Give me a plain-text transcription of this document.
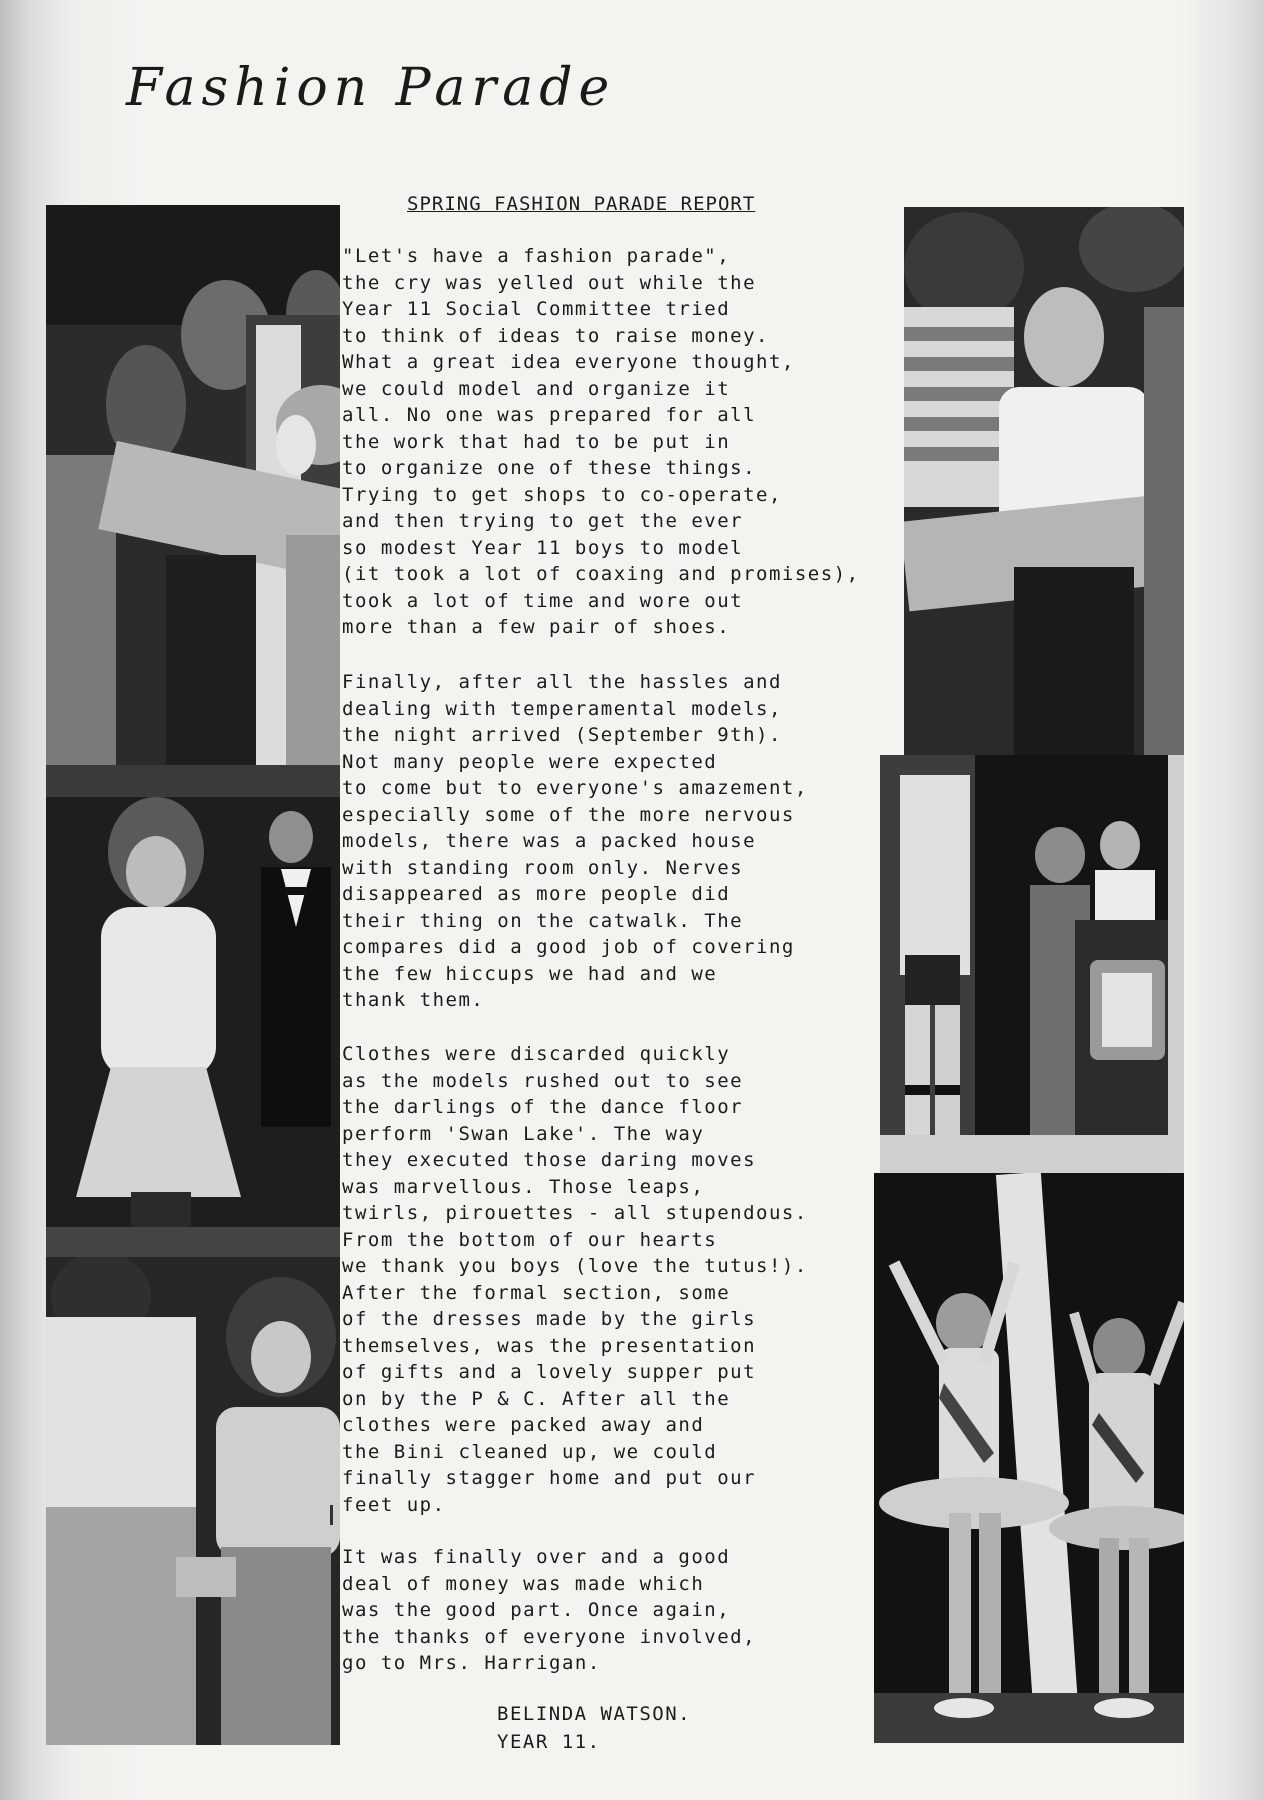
Fashion Parade
SPRING FASHION PARADE REPORT
"Let's have a fashion parade",
the cry was yelled out while the
Year 11 Social Committee tried
to think of ideas to raise money.
What a great idea everyone thought,
we could model and organize it
all. No one was prepared for all
the work that had to be put in
to organize one of these things.
Trying to get shops to co-operate,
and then trying to get the ever
so modest Year 11 boys to model
(it took a lot of coaxing and promises),
took a lot of time and wore out
more than a few pair of shoes.
Finally, after all the hassles and
dealing with temperamental models,
the night arrived (September 9th).
Not many people were expected
to come but to everyone's amazement,
especially some of the more nervous
models, there was a packed house
with standing room only. Nerves
disappeared as more people did
their thing on the catwalk. The
compares did a good job of covering
the few hiccups we had and we
thank them.
Clothes were discarded quickly
as the models rushed out to see
the darlings of the dance floor
perform 'Swan Lake'. The way
they executed those daring moves
was marvellous. Those leaps,
twirls, pirouettes - all stupendous.
From the bottom of our hearts
we thank you boys (love the tutus!).
After the formal section, some
of the dresses made by the girls
themselves, was the presentation
of gifts and a lovely supper put
on by the P & C. After all the
clothes were packed away and
the Bini cleaned up, we could
finally stagger home and put our
feet up.
It was finally over and a good
deal of money was made which
was the good part. Once again,
the thanks of everyone involved,
go to Mrs. Harrigan.
BELINDA WATSON.
YEAR 11.
